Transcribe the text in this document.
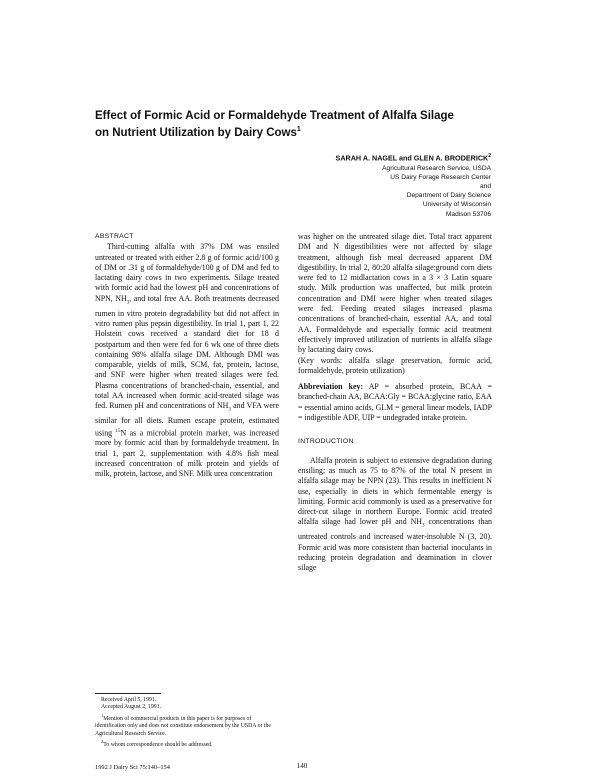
Effect of Formic Acid or Formaldehyde Treatment of Alfalfa Silage
on Nutrient Utilization by Dairy Cows$^1$
SARAH A. NAGEL and GLEN A. BRODERICK$^2$
Agricultural Research Service, USDA
US Dairy Forage Research Center
and
Department of Dairy Science
University of Wisconsin
Madison 53706

ABSTRACT

Third-cutting alfalfa with 37% DM was ensiled untreated or treated with either 2.8 g of formic acid/100 g of DM or .31 g of formaldehyde/100 g of DM and fed to lactating dairy cows in two experiments. Silage treated with formic acid had the lowest pH and concentrations of NPN, $NH_3$, and total free AA. Both treatments decreased rumen in vitro protein degradability but did not affect in vitro rumen plus pepsin digestibility. In trial 1, part 1, 22 Holstein cows received a standard diet for 18 d postpartum and then were fed for 6 wk one of three diets containing 98% alfalfa silage DM. Although DMI was comparable, yields of milk, SCM, fat, protein, lactose, and SNF were higher when treated silages were fed. Plasma concentrations of branched-chain, essential, and total AA increased when formic acid-treated silage was fed. Rumen pH and concentrations of $NH_3$ and VFA were similar for all diets. Rumen escape protein, estimated using $^{15}$N as a microbial protein marker, was increased more by formic acid than by formaldehyde treatment. In trial 1, part 2, supplementation with 4.8% fish meal increased concentration of milk protein and yields of milk, protein, lactose, and SNF. Milk urea concentration

was higher on the untreated silage diet. Total tract apparent DM and N digestibilities were not affected by silage treatment, although fish meal decreased apparent DM digestibility. In trial 2, 80:20 alfalfa silage:ground corn diets were fed to 12 midlactation cows in a 3 × 3 Latin square study. Milk production was unaffected, but milk protein concentration and DMI were higher when treated silages were fed. Feeding treated silages increased plasma concentrations of branched-chain, essential AA, and total AA. Formaldehyde and especially formic acid treatment effectively improved utilization of nutrients in alfalfa silage by lactating dairy cows.

(Key words: alfalfa silage preservation, formic acid, formaldehyde, protein utilization)

Abbreviation key: AP = absorbed protein, BCAA = branched-chain AA, BCAA:Gly = BCAA:glycine ratio, EAA = essential amino acids, GLM = general linear models, IADP = indigestible ADF, UIP = undegraded intake protein.

INTRODUCTION

Alfalfa protein is subject to extensive degradation during ensiling; as much as 75 to 87% of the total N present in alfalfa silage may be NPN (23). This results in inefficient N use, especially in diets in which fermentable energy is limiting. Formic acid commonly is used as a preservative for direct-cut silage in northern Europe. Formic acid treated alfalfa silage had lower pH and $NH_3$ concentrations than untreated controls and increased water-insoluble N (3, 20). Formic acid was more consistent than bacterial inoculants in reducing protein degradation and deamination in clover silage

Received April 5, 1991.

Accepted August 2, 1991.

$^1$Mention of commercial products in this paper is for purposes of identification only and does not constitute endorsement by the USDA or the Agricultural Research Service.

$^2$To whom correspondence should be addressed.

1992 J Dairy Sci 75:140–154	140
